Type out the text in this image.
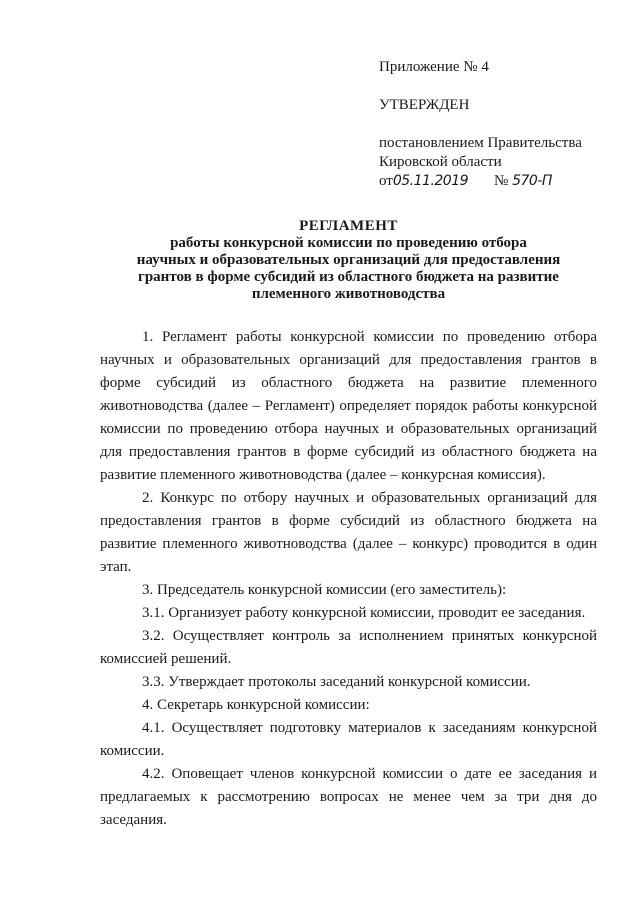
Приложение № 4
УТВЕРЖДЕН
постановлением Правительства
Кировской области
от05.11.2019 № 570-П
РЕГЛАМЕНТ
работы конкурсной комиссии по проведению отбора
научных и образовательных организаций для предоставления
грантов в форме субсидий из областного бюджета на развитие
племенного животноводства

1. Регламент работы конкурсной комиссии по проведению отбора научных и образовательных организаций для предоставления грантов в форме субсидий из областного бюджета на развитие племенного животноводства (далее – Регламент) определяет порядок работы конкурсной комиссии по проведению отбора научных и образовательных организаций для предоставления грантов в форме субсидий из областного бюджета на развитие племенного животноводства (далее – конкурсная комиссия).

2. Конкурс по отбору научных и образовательных организаций для предоставления грантов в форме субсидий из областного бюджета на развитие племенного животноводства (далее – конкурс) проводится в один этап.

3. Председатель конкурсной комиссии (его заместитель):

3.1. Организует работу конкурсной комиссии, проводит ее заседания.

3.2. Осуществляет контроль за исполнением принятых конкурсной комиссией решений.

3.3. Утверждает протоколы заседаний конкурсной комиссии.

4. Секретарь конкурсной комиссии:

4.1. Осуществляет подготовку материалов к заседаниям конкурсной комиссии.

4.2. Оповещает членов конкурсной комиссии о дате ее заседания и предлагаемых к рассмотрению вопросах не менее чем за три дня до заседания.
